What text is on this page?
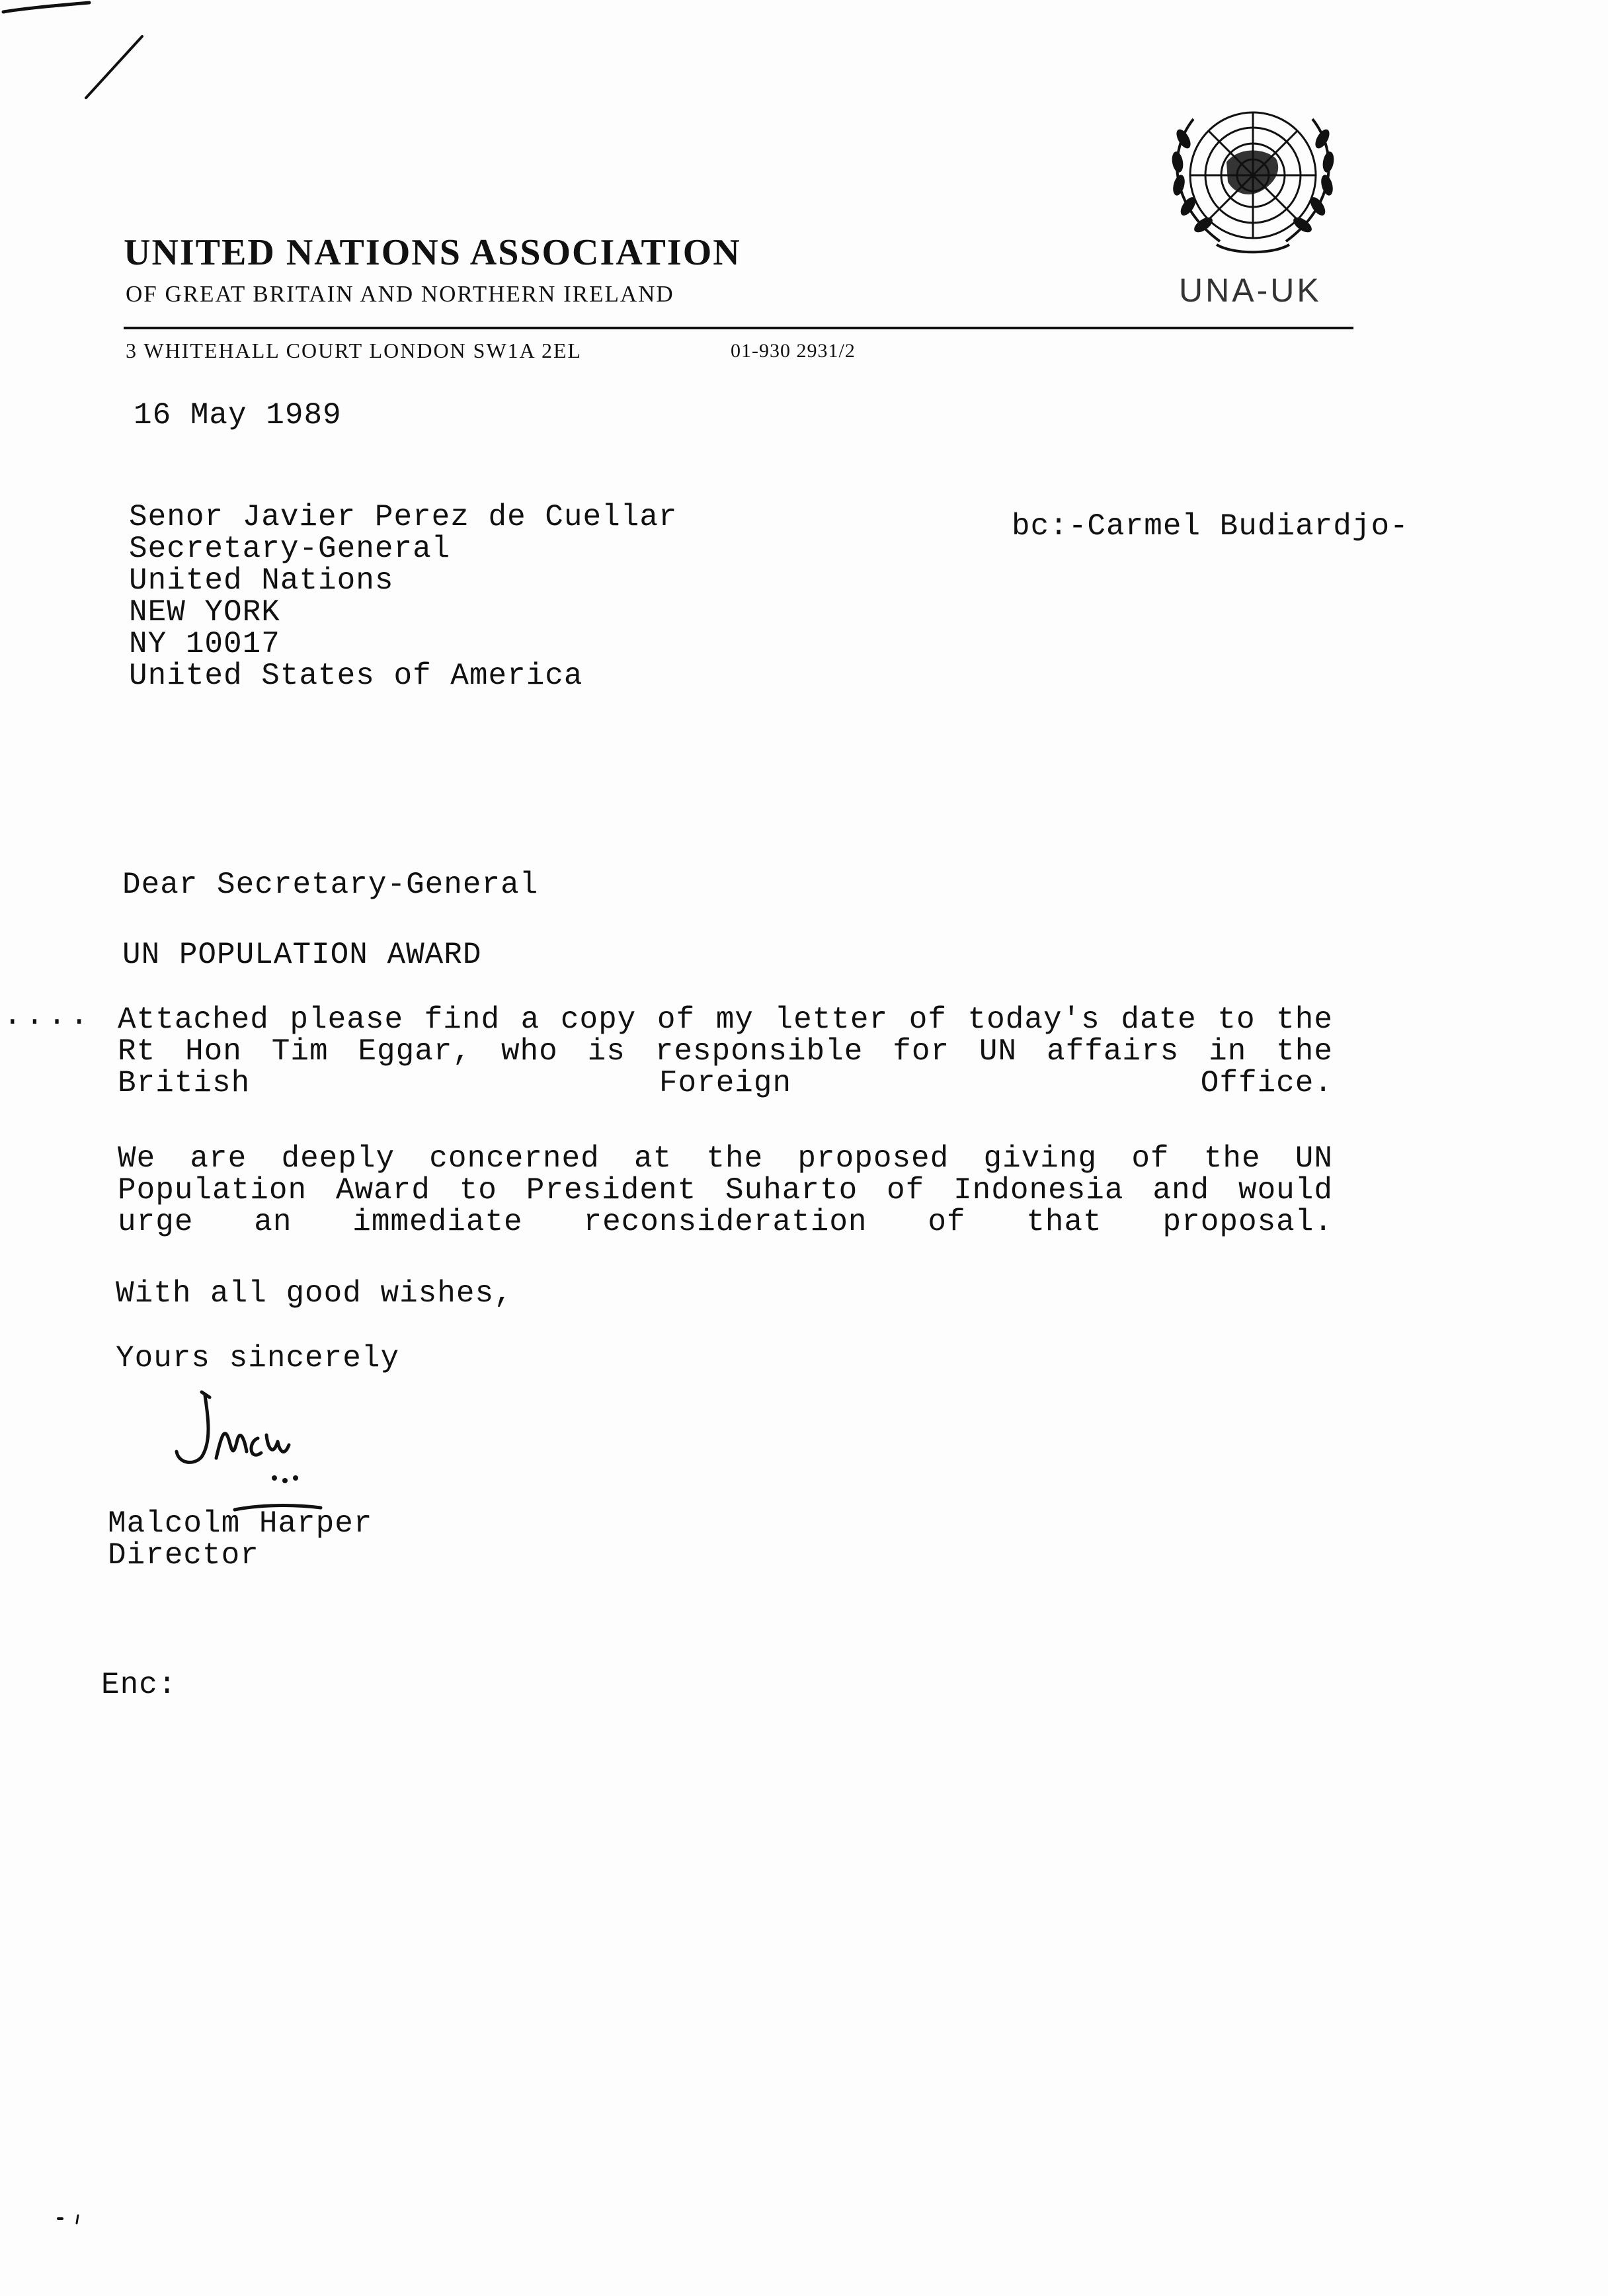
UNITED NATIONS ASSOCIATION
OF GREAT BRITAIN AND NORTHERN IRELAND	UNA-UK
3 WHITEHALL COURT LONDON SW1A 2EL	01-930 2931/2
16 May 1989
Senor Javier Perez de Cuellar
Secretary-General
United Nations
NEW YORK
NY 10017
United States of America
bc:-Carmel Budiardjo-
Dear Secretary-General
UN POPULATION AWARD
.... Attached please find a copy of my letter of today's date to the Rt Hon Tim Eggar, who is responsible for UN affairs in the British Foreign Office.
We are deeply concerned at the proposed giving of the UN Population Award to President Suharto of Indonesia and would urge an immediate reconsideration of that proposal.
With all good wishes,
Yours sincerely
Malcolm Harper
Director
Enc:
